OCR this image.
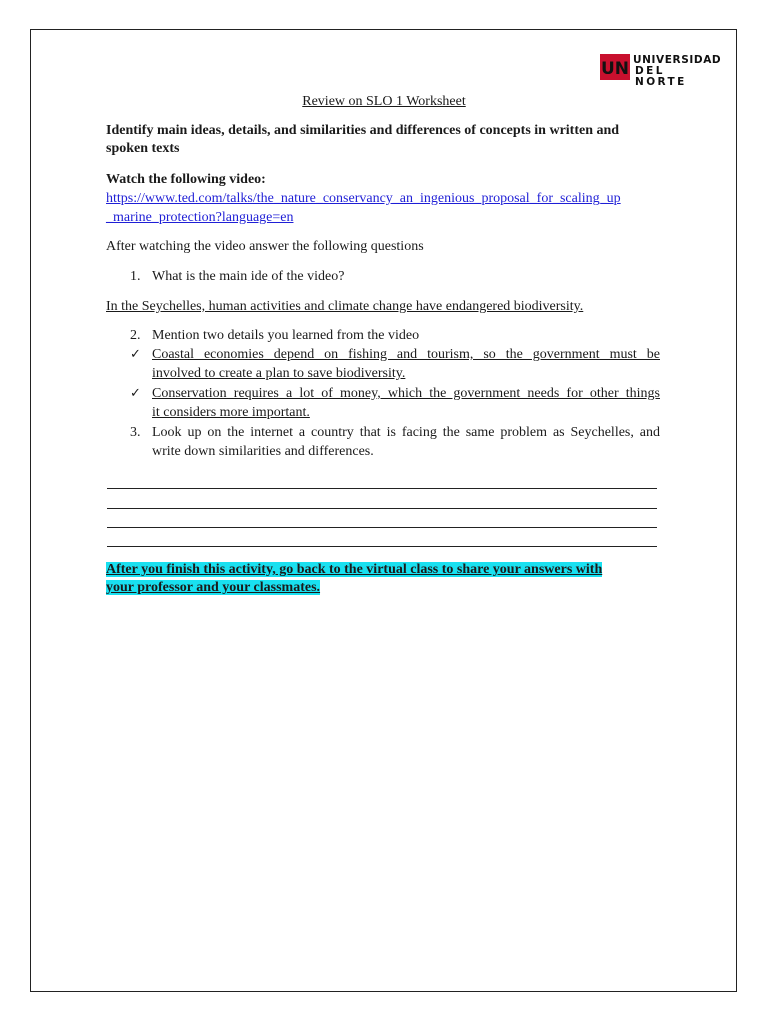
UN UNIVERSIDAD
DEL NORTE
Review on SLO 1 Worksheet
Identify main ideas, details, and similarities and differences of concepts in written and
spoken texts
Watch the following video:
https://www.ted.com/talks/the_nature_conservancy_an_ingenious_proposal_for_scaling_up
_marine_protection?language=en
After watching the video answer the following questions
1. What is the main ide of the video?
In the Seychelles, human activities and climate change have endangered biodiversity.
2. Mention two details you learned from the video
✓ Coastal economies depend on fishing and tourism, so the government must be
involved to create a plan to save biodiversity.
✓ Conservation requires a lot of money, which the government needs for other things
it considers more important.
3. Look up on the internet a country that is facing the same problem as Seychelles, and
write down similarities and differences.
After you finish this activity, go back to the virtual class to share your answers with
your professor and your classmates.
